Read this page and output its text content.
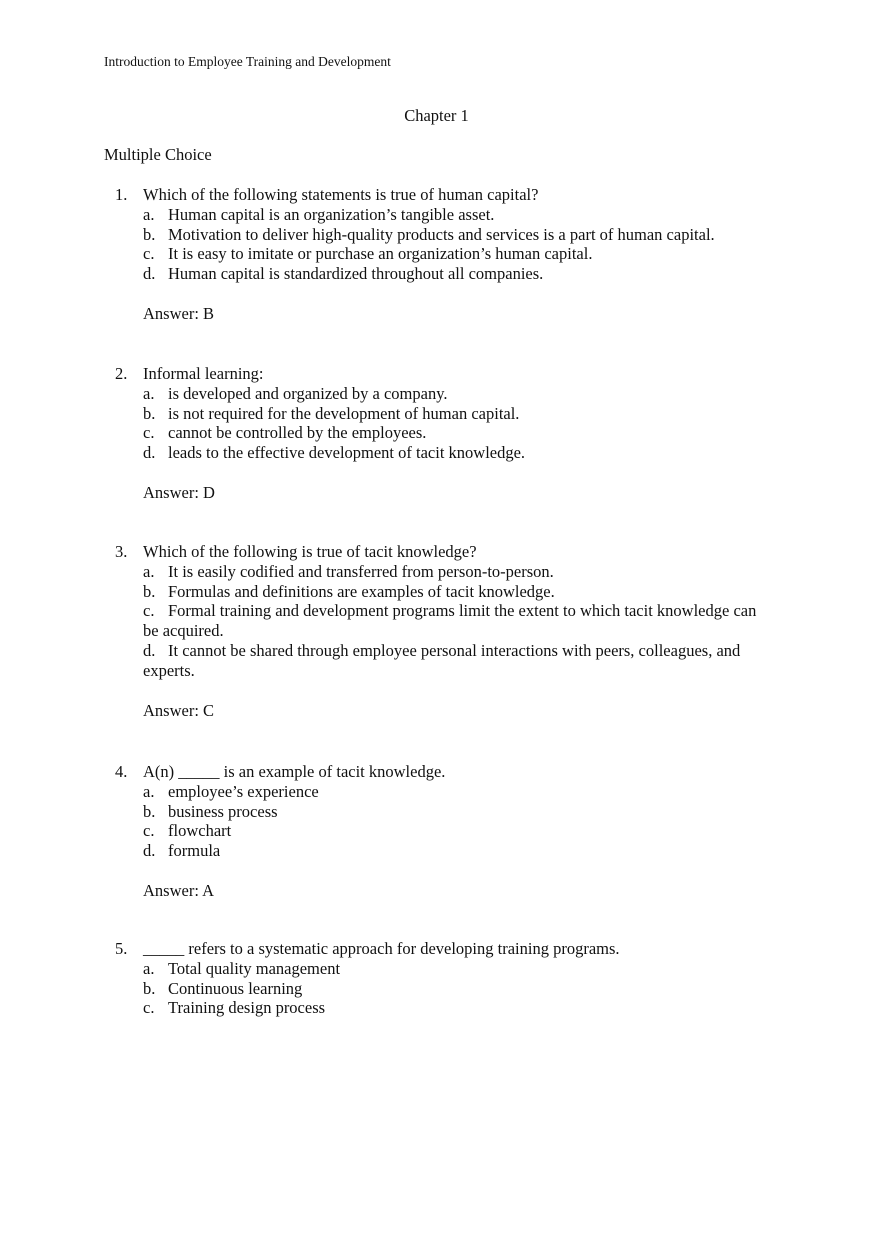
Introduction to Employee Training and Development
Chapter 1
Multiple Choice
1. Which of the following statements is true of human capital?
a. Human capital is an organization’s tangible asset.
b. Motivation to deliver high-quality products and services is a part of human capital.
c. It is easy to imitate or purchase an organization’s human capital.
d. Human capital is standardized throughout all companies.
Answer: B
2. Informal learning:
a. is developed and organized by a company.
b. is not required for the development of human capital.
c. cannot be controlled by the employees.
d. leads to the effective development of tacit knowledge.
Answer: D
3. Which of the following is true of tacit knowledge?
a. It is easily codified and transferred from person-to-person.
b. Formulas and definitions are examples of tacit knowledge.
c. Formal training and development programs limit the extent to which tacit knowledge can be acquired.
d. It cannot be shared through employee personal interactions with peers, colleagues, and experts.
Answer: C
4. A(n) _____ is an example of tacit knowledge.
a. employee’s experience
b. business process
c. flowchart
d. formula
Answer: A
5. _____ refers to a systematic approach for developing training programs.
a. Total quality management
b. Continuous learning
c. Training design process
